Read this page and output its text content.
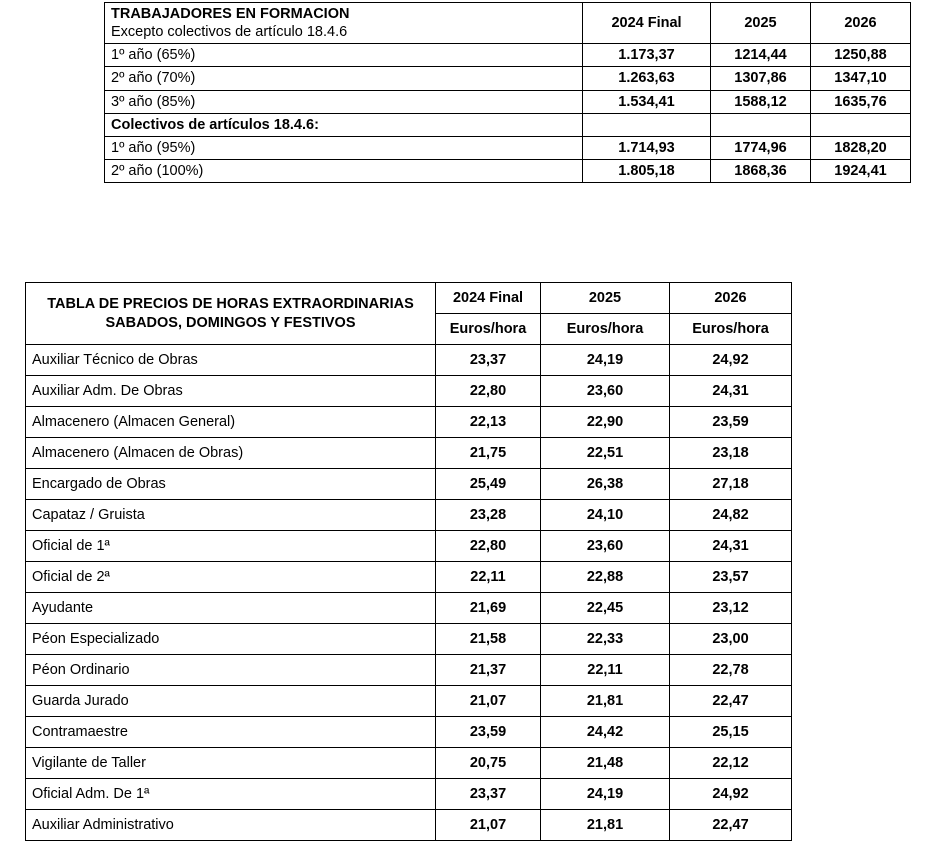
TRABAJADORES EN FORMACION
Excepto colectivos de artículo 18.4.6	2024 Final	2025	2026
1º año (65%)	1.173,37	1214,44	1250,88
2º año (70%)	1.263,63	1307,86	1347,10
3º año (85%)	1.534,41	1588,12	1635,76
Colectivos de artículos 18.4.6:			
1º año (95%)	1.714,93	1774,96	1828,20
2º año (100%)	1.805,18	1868,36	1924,41
TABLA DE PRECIOS DE HORAS EXTRAORDINARIAS SABADOS, DOMINGOS Y FESTIVOS	2024 Final	2025	2026
	Euros/hora	Euros/hora	Euros/hora
Auxiliar Técnico de Obras	23,37	24,19	24,92
Auxiliar Adm. De Obras	22,80	23,60	24,31
Almacenero (Almacen General)	22,13	22,90	23,59
Almacenero (Almacen de Obras)	21,75	22,51	23,18
Encargado de Obras	25,49	26,38	27,18
Capataz / Gruista	23,28	24,10	24,82
Oficial de 1ª	22,80	23,60	24,31
Oficial de 2ª	22,11	22,88	23,57
Ayudante	21,69	22,45	23,12
Péon Especializado	21,58	22,33	23,00
Péon Ordinario	21,37	22,11	22,78
Guarda Jurado	21,07	21,81	22,47
Contramaestre	23,59	24,42	25,15
Vigilante de Taller	20,75	21,48	22,12
Oficial Adm. De 1ª	23,37	24,19	24,92
Auxiliar Administrativo	21,07	21,81	22,47
